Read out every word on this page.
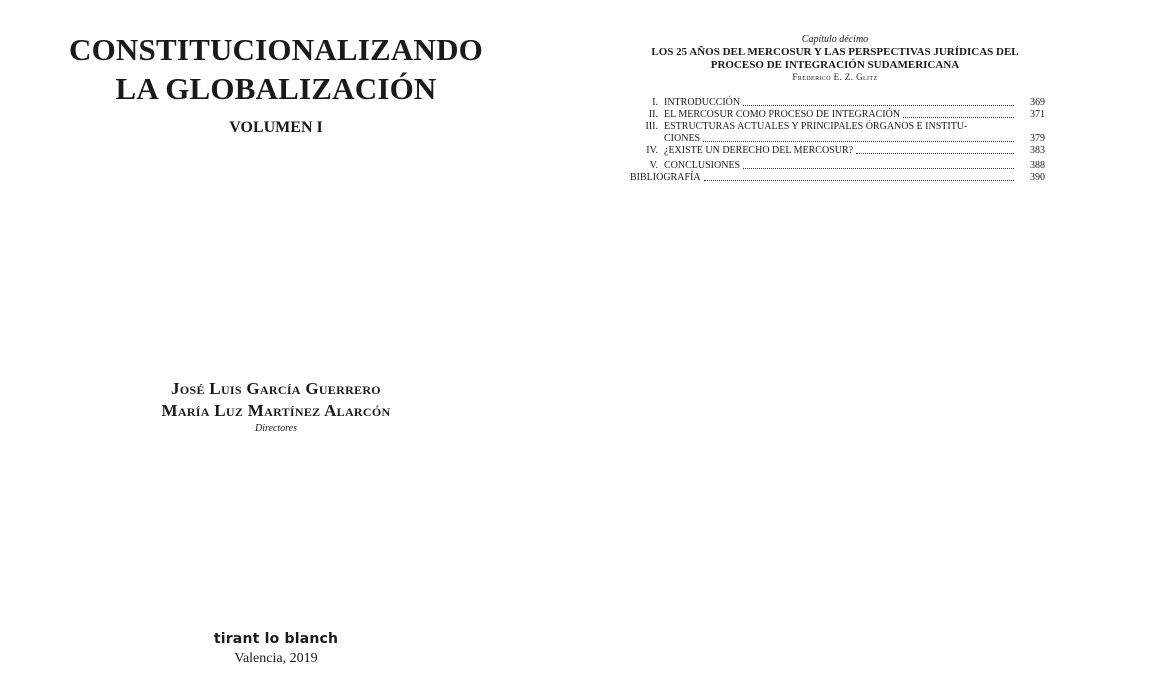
CONSTITUCIONALIZANDO
LA GLOBALIZACIÓN
VOLUMEN I
José Luis García Guerrero
María Luz Martínez Alarcón
Directores
tirant lo blanch
Valencia, 2019
Capítulo décimo
LOS 25 AÑOS DEL MERCOSUR Y LAS PERSPECTIVAS JURÍDICAS DEL
PROCESO DE INTEGRACIÓN SUDAMERICANA
Frederico E. Z. Glitz
I. INTRODUCCIÓN	369
II. EL MERCOSUR COMO PROCESO DE INTEGRACIÓN	371
III. ESTRUCTURAS ACTUALES Y PRINCIPALES ÓRGANOS E INSTITU-
CIONES	379
IV. ¿EXISTE UN DERECHO DEL MERCOSUR?	383
V. CONCLUSIONES	388
BIBLIOGRAFÍA	390
